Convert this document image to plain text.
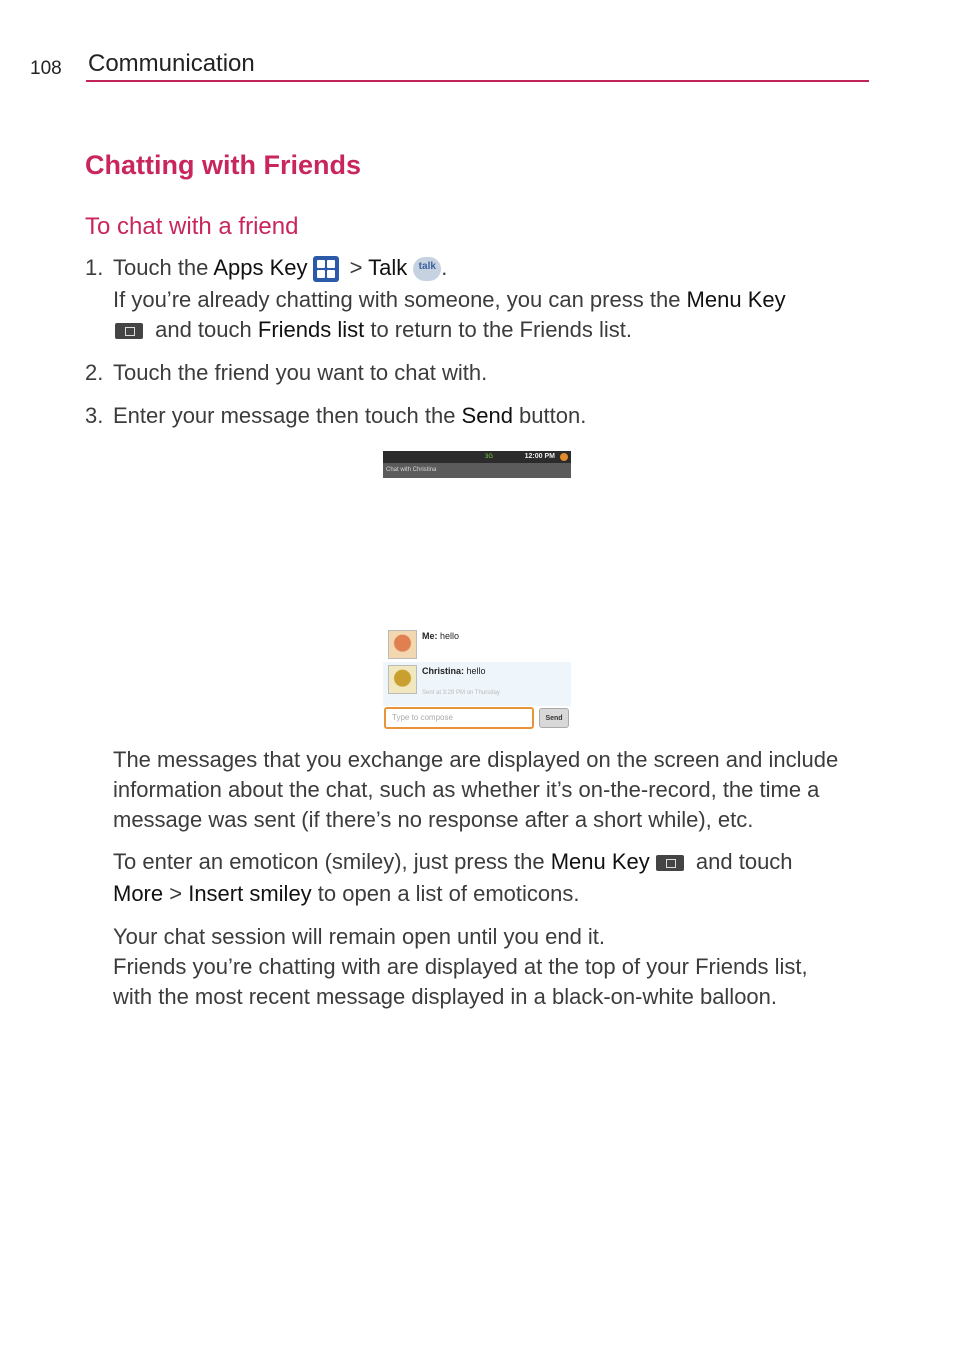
108 Communication
Chatting with Friends
To chat with a friend
1. Touch the Apps Key
> Talk talk .
If you’re already chatting with someone, you can press the Menu Key
and touch Friends list to return to the Friends list.
2. Touch the friend you want to chat with.
3. Enter your message then touch the Send button.
3G	12:00 PM
Chat with Christina
Me: hello
Christina: hello
Sent at 3:29 PM on Thursday
Type to compose	Send
The messages that you exchange are displayed on the screen and include
information about the chat, such as whether it’s on-the-record, the time a
message was sent (if there’s no response after a short while), etc.
To enter an emoticon (smiley), just press the Menu Key
and touch
More > Insert smiley to open a list of emoticons.
Your chat session will remain open until you end it.
Friends you’re chatting with are displayed at the top of your Friends list,
with the most recent message displayed in a black-on-white balloon.
